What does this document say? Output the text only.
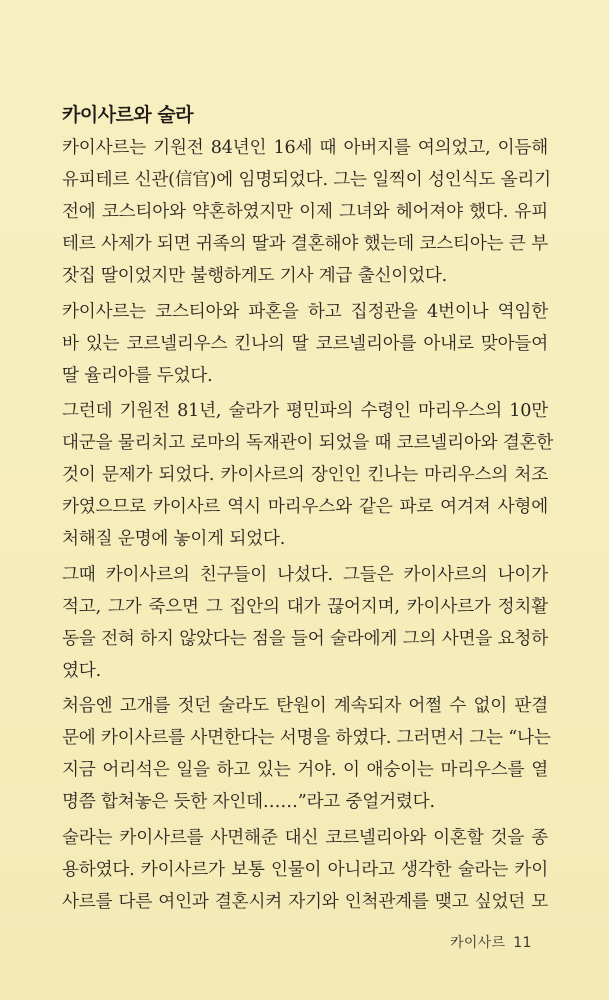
카이사르와 술라
카이사르는 기원전 84년인 16세 때 아버지를 여의었고, 이듬해
유피테르 신관(信官)에 임명되었다. 그는 일찍이 성인식도 올리기
전에 코스티아와 약혼하였지만 이제 그녀와 헤어져야 했다. 유피
테르 사제가 되면 귀족의 딸과 결혼해야 했는데 코스티아는 큰 부
잣집 딸이었지만 불행하게도 기사 계급 출신이었다.
카이사르는 코스티아와 파혼을 하고 집정관을 4번이나 역임한
바 있는 코르넬리우스 킨나의 딸 코르넬리아를 아내로 맞아들여
딸 율리아를 두었다.
그런데 기원전 81년, 술라가 평민파의 수령인 마리우스의 10만
대군을 물리치고 로마의 독재관이 되었을 때 코르넬리아와 결혼한
것이 문제가 되었다. 카이사르의 장인인 킨나는 마리우스의 처조
카였으므로 카이사르 역시 마리우스와 같은 파로 여겨져 사형에
처해질 운명에 놓이게 되었다.
그때 카이사르의 친구들이 나섰다. 그들은 카이사르의 나이가
적고, 그가 죽으면 그 집안의 대가 끊어지며, 카이사르가 정치활
동을 전혀 하지 않았다는 점을 들어 술라에게 그의 사면을 요청하
였다.
처음엔 고개를 젓던 술라도 탄원이 계속되자 어쩔 수 없이 판결
문에 카이사르를 사면한다는 서명을 하였다. 그러면서 그는 “나는
지금 어리석은 일을 하고 있는 거야. 이 애숭이는 마리우스를 열
명쯤 합쳐놓은 듯한 자인데……”라고 중얼거렸다.
술라는 카이사르를 사면해준 대신 코르넬리아와 이혼할 것을 종
용하였다. 카이사르가 보통 인물이 아니라고 생각한 술라는 카이
사르를 다른 여인과 결혼시켜 자기와 인척관계를 맺고 싶었던 모
카이사르 11
